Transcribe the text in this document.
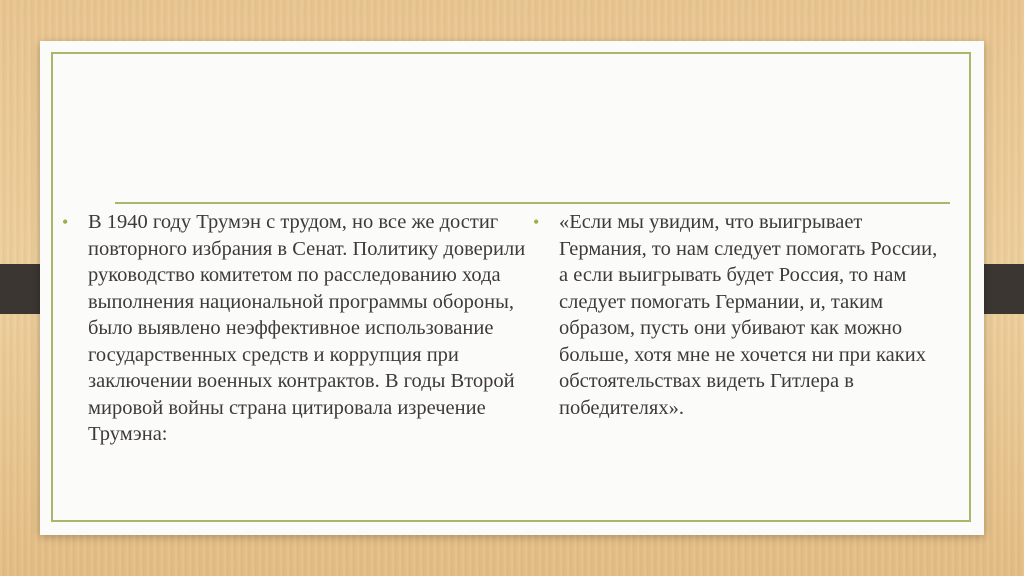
• В 1940 году Трумэн с трудом, но все же достиг повторного избрания в Сенат. Политику доверили руководство комитетом по расследованию хода выполнения национальной программы обороны, было выявлено неэффективное использование государственных средств и коррупция при заключении военных контрактов. В годы Второй мировой войны страна цитировала изречение Трумэна:
• «Если мы увидим, что выигрывает Германия, то нам следует помогать России, а если выигрывать будет Россия, то нам следует помогать Германии, и, таким образом, пусть они убивают как можно больше, хотя мне не хочется ни при каких обстоятельствах видеть Гитлера в победителях».
